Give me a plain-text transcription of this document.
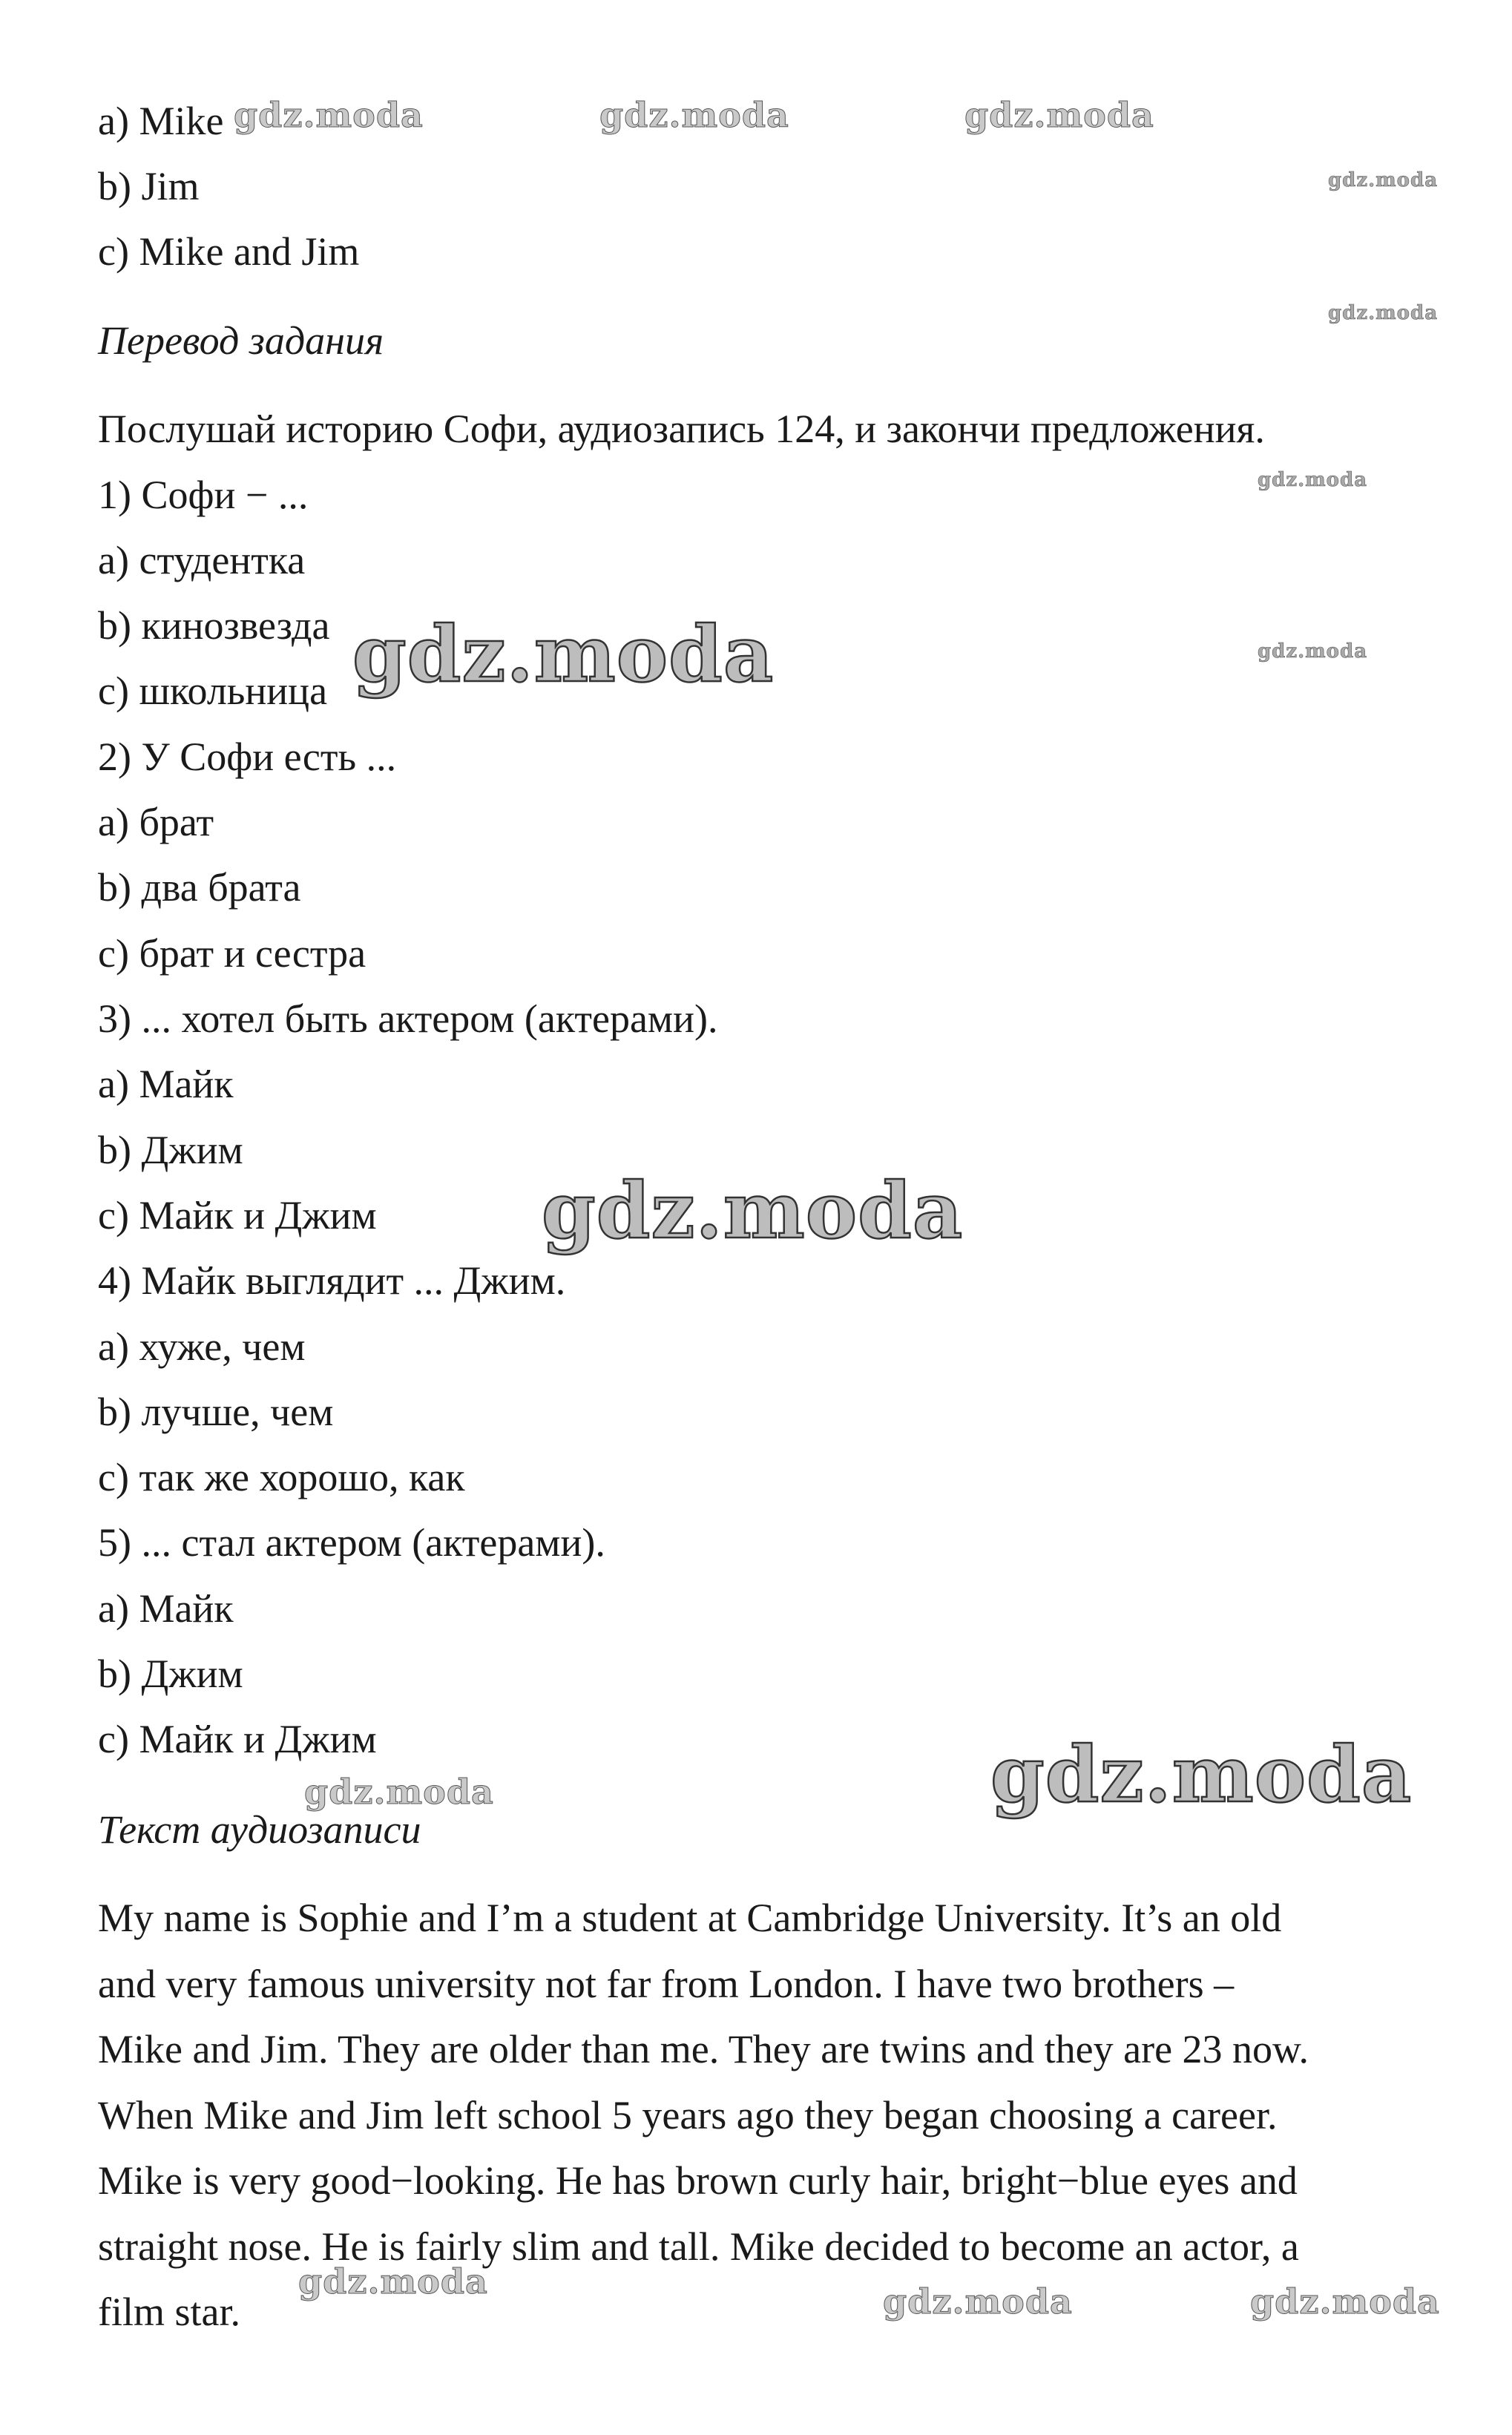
a) Mike

b) Jim

c) Mike and Jim

Перевод задания

Послушай историю Софи, аудиозапись 124, и закончи предложения.

1) Софи − ...

а) студентка

b) кинозвезда

c) школьница

2) У Софи есть ...

a) брат

b) два брата

c) брат и сестра

3) ... хотел быть актером (актерами).

a) Майк

b) Джим

c) Майк и Джим

4) Майк выглядит ... Джим.

a) хуже, чем

b) лучше, чем

c) так же хорошо, как

5) ... стал актером (актерами).

a) Майк

b) Джим

c) Майк и Джим

Текст аудиозаписи

My name is Sophie and I’m a student at Cambridge University. It’s an old
and very famous university not far from London. I have two brothers –
Mike and Jim. They are older than me. They are twins and they are 23 now.
When Mike and Jim left school 5 years ago they began choosing a career.
Mike is very good−looking. He has brown curly hair, bright−blue eyes and
straight nose. He is fairly slim and tall. Mike decided to become an actor, a
film star.

gdz.moda	gdz.moda	gdz.moda
gdz.moda
gdz.moda
gdz.moda
gdz.moda
gdz.moda
gdz.moda
gdz.moda
gdz.moda
gdz.moda	gdz.moda	gdz.moda
